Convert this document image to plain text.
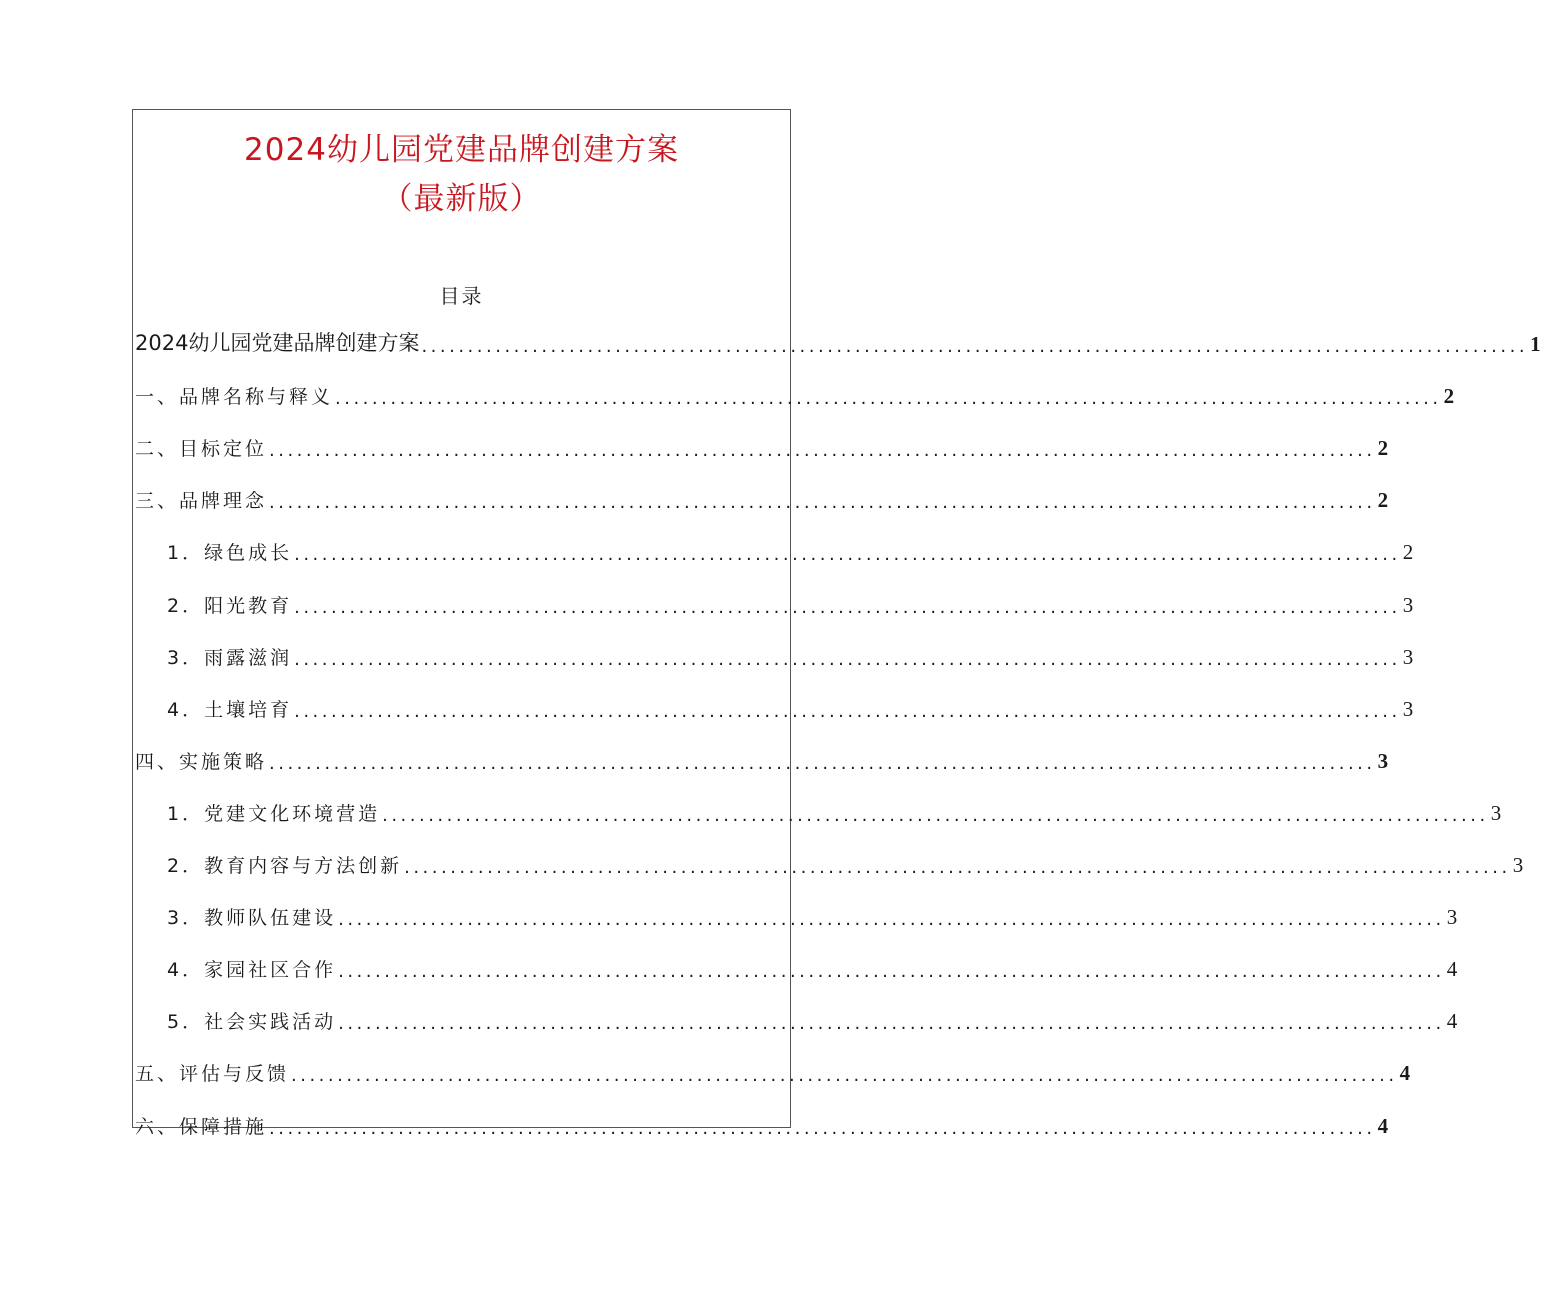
2024幼儿园党建品牌创建方案
（最新版）
目录
2024幼儿园党建品牌创建方案 ........................................................................................................................ 1
一、品牌名称与释义 ........................................................................................................................ 2
二、目标定位 ........................................................................................................................ 2
三、品牌理念 ........................................................................................................................ 2
1．绿色成长 ........................................................................................................................ 2
2．阳光教育 ........................................................................................................................ 3
3．雨露滋润 ........................................................................................................................ 3
4．土壤培育 ........................................................................................................................ 3
四、实施策略 ........................................................................................................................ 3
1．党建文化环境营造 ........................................................................................................................ 3
2．教育内容与方法创新 ........................................................................................................................ 3
3．教师队伍建设 ........................................................................................................................ 3
4．家园社区合作 ........................................................................................................................ 4
5．社会实践活动 ........................................................................................................................ 4
五、评估与反馈 ........................................................................................................................ 4
六、保障措施 ........................................................................................................................ 4
